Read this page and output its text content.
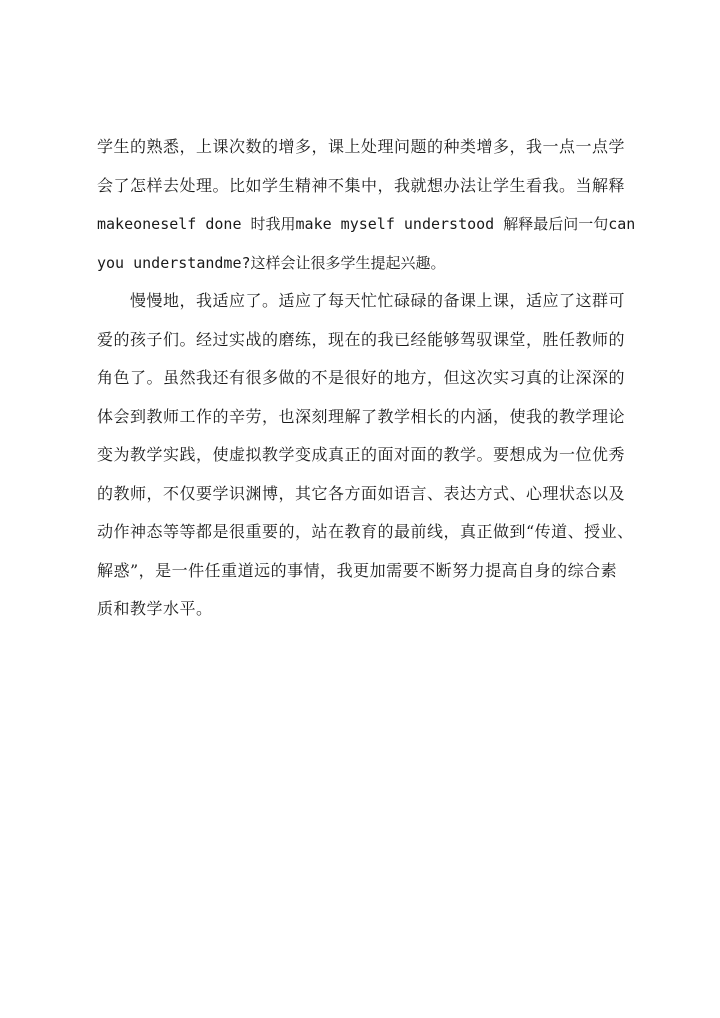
学生的熟悉，上课次数的增多，课上处理问题的种类增多，我一点一点学
会了怎样去处理。比如学生精神不集中，我就想办法让学生看我。当解释
makeoneself done 时我用make myself understood 解释最后问一句can
you understandme?这样会让很多学生提起兴趣。
　　慢慢地，我适应了。适应了每天忙忙碌碌的备课上课，适应了这群可
爱的孩子们。经过实战的磨练，现在的我已经能够驾驭课堂，胜任教师的
角色了。虽然我还有很多做的不是很好的地方，但这次实习真的让深深的
体会到教师工作的辛劳，也深刻理解了教学相长的内涵，使我的教学理论
变为教学实践，使虚拟教学变成真正的面对面的教学。要想成为一位优秀
的教师，不仅要学识渊博，其它各方面如语言、表达方式、心理状态以及
动作神态等等都是很重要的，站在教育的最前线，真正做到“传道、授业、
解惑”，是一件任重道远的事情，我更加需要不断努力提高自身的综合素
质和教学水平。
